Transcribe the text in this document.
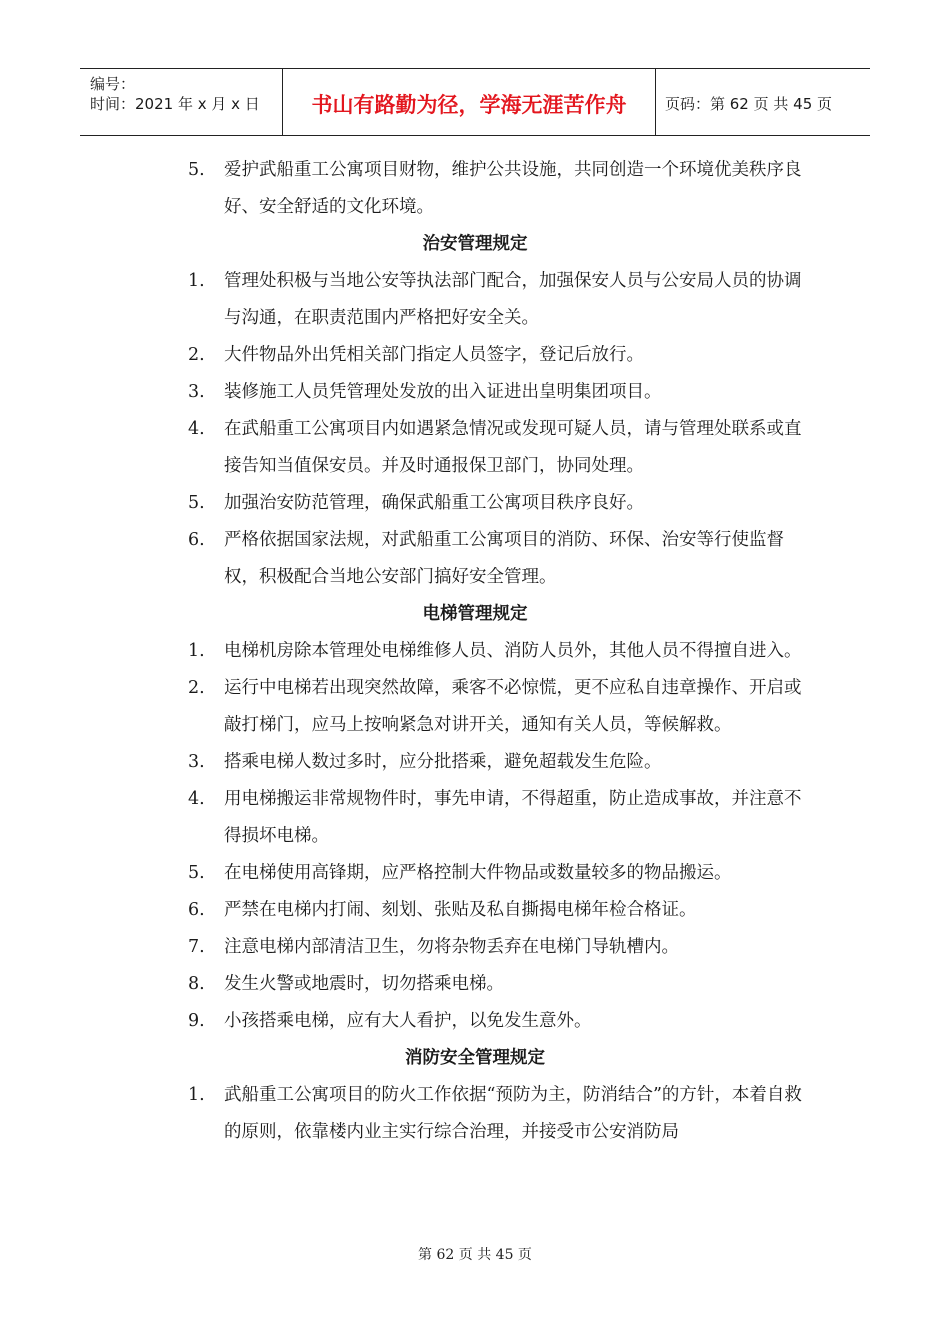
编号：
时间：2021 年 x 月 x 日	书山有路勤为径，学海无涯苦作舟	页码：第 62 页 共 45 页
5.	爱护武船重工公寓项目财物，维护公共设施，共同创造一个环境优美秩序良好、安全舒适的文化环境。
治安管理规定
1.	管理处积极与当地公安等执法部门配合，加强保安人员与公安局人员的协调与沟通，在职责范围内严格把好安全关。
2.	大件物品外出凭相关部门指定人员签字，登记后放行。
3.	装修施工人员凭管理处发放的出入证进出皇明集团项目。
4.	在武船重工公寓项目内如遇紧急情况或发现可疑人员，请与管理处联系或直接告知当值保安员。并及时通报保卫部门，协同处理。
5.	加强治安防范管理，确保武船重工公寓项目秩序良好。
6.	严格依据国家法规，对武船重工公寓项目的消防、环保、治安等行使监督权，积极配合当地公安部门搞好安全管理。
电梯管理规定
1.	电梯机房除本管理处电梯维修人员、消防人员外，其他人员不得擅自进入。
2.	运行中电梯若出现突然故障，乘客不必惊慌，更不应私自违章操作、开启或敲打梯门，应马上按响紧急对讲开关，通知有关人员，等候解救。
3.	搭乘电梯人数过多时，应分批搭乘，避免超载发生危险。
4.	用电梯搬运非常规物件时，事先申请，不得超重，防止造成事故，并注意不得损坏电梯。
5.	在电梯使用高锋期，应严格控制大件物品或数量较多的物品搬运。
6.	严禁在电梯内打闹、刻划、张贴及私自撕揭电梯年检合格证。
7.	注意电梯内部清洁卫生，勿将杂物丢弃在电梯门导轨槽内。
8.	发生火警或地震时，切勿搭乘电梯。
9.	小孩搭乘电梯，应有大人看护，以免发生意外。
消防安全管理规定
1.	武船重工公寓项目的防火工作依据“预防为主，防消结合”的方针，本着自救的原则，依靠楼内业主实行综合治理，并接受市公安消防局
第 62 页 共 45 页
